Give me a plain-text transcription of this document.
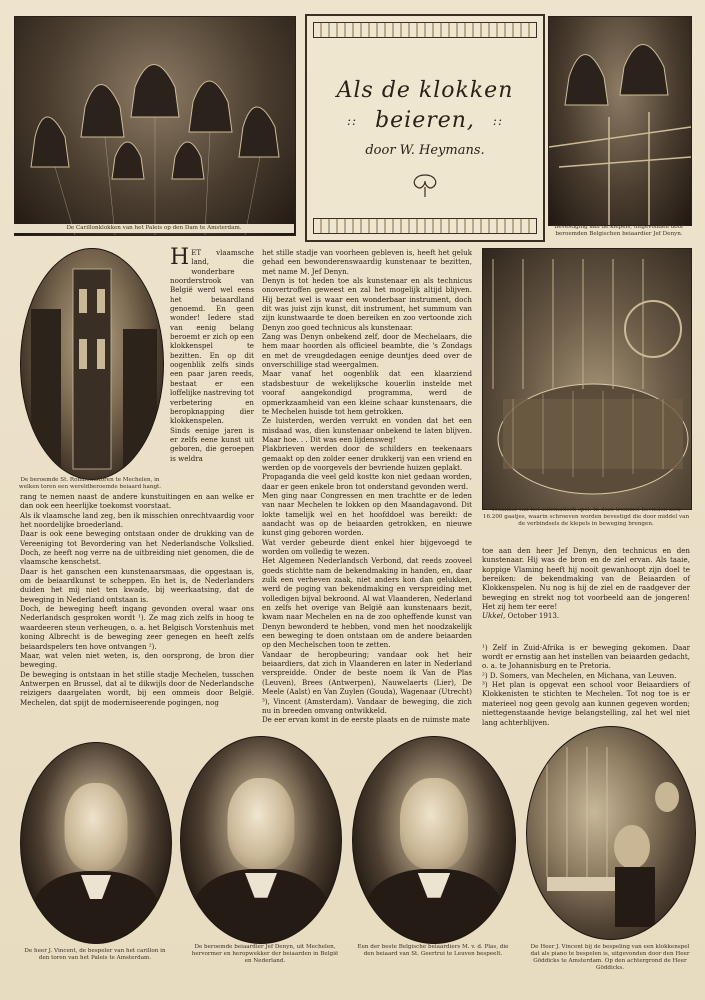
De Carillonklokken van het Paleis op den Dam te Amsterdam.
Als de klokken
:: beieren, ::
door W. Heymans.
Bevestiging aan de klepels, uitgevonden door beroemden Belgischen beiaardier Jef Denyn.
De beroemde St. Romboutstoren te Mechelen, in welken toren een wereldberoemde beiaard hangt.
Trommel van het automatisch spel. In deze trommel bevinden zich 16.200 gaatjes, waarin schroeven worden bevestigd die door middel van de verbindsels de klepels in beweging brengen.

HET vlaamsche land, die wonderbare noorderstrook van België werd wel eens het beiaardland genoemd. En geen wonder! Iedere stad van eenig belang beroemt er zich op een klokkenspel te bezitten. En op dit oogenblik zelfs sinds een paar jaren reeds, bestaat er een loffelijke nastreving tot verbetering en beropknapping dier klokkenspelen.

Sinds eenige jaren is er zelfs eene kunst uit geboren, die geroepen is weldra

rang te nemen naast de andere kunstuitingen en aan welke er dan ook een heerlijke toekomst voorstaat.

Als ik vlaamsche land zeg, ben ik misschien onrechtvaardig voor het noordelijke broederland.

Daar is ook eene beweging ontstaan onder de drukking van de Vereeniging tot Bevordering van het Nederlandsche Volkslied. Doch, ze heeft nog verre na de uitbreiding niet genomen, die de vlaamsche kenschetst.

Daar is het ganschen een kunstenaarsmaas, die opgestaan is, om de beiaardkunst te scheppen. En het is, de Nederlanders duiden het mij niet ten kwade, bij weerkaatsing, dat de beweging in Nederland ontstaan is.

Doch, de beweging heeft ingang gevonden overal waar ons Nederlandsch gesproken wordt ¹). Ze mag zich zelfs in hoog te waardeeren steun verheugen, o. a. het Belgisch Vorstenhuis met koning Albrecht is de beweging zeer genegen en heeft zelfs beiaardspelers ten hove ontvangen ²).

Maar, wat velen niet weten, is, den oorsprong, de bron dier beweging.

De beweging is ontstaan in het stille stadje Mechelen, tusschen Antwerpen en Brussel, dat al te dikwijls door de Nederlandsche reizigers daargelaten wordt, bij een ommeis door België. Mechelen, dat spijt de moderniseerende pogingen, nog

het stille stadje van voorheen gebleven is, heeft het geluk gehad een bewonderenswaardig kunstenaar te bezitten, met name M. Jef Denyn.

Denyn is tot heden toe als kunstenaar en als technicus onovertroffen geweest en zal het mogelijk altijd blijven. Hij bezat wel is waar een wonderbaar instrument, doch dit was juist zijn kunst, dit instrument, het summum van zijn kunstwaarde te doen bereiken en zoo vertoonde zich Denyn zoo goed technicus als kunstenaar.

Zang was Denyn onbekend zelf, door de Mechelaars, die hem maar hoorden als officieel beambte, die 's Zondags en met de vreugdedagen eenige deuntjes deed over de onverschillige stad weergalmen.

Maar vanaf het oogenblik dat een klaarziend stadsbestuur de wekelijksche kouerlin instelde met vooraf aangekondigd programma, werd de opmerkzaamheid van een kleine schaar kunstenaars, die te Mechelen huisde tot hem getrokken.

Ze luisterden, werden verrukt en vonden dat het een misdaad was, dien kunstenaar onbekend te laten blijven. Maar hoe. . . Dit was een lijdensweg!

Plakbrieven werden door de schilders en teekenaars gemaakt op den zolder eener drukkerij van een vriend en werden op de voorgevels der bevriende huizen geplakt.

Propaganda die veel geld kostte kon niet gedaan worden, daar er geen enkele bron tot onderstand gevonden werd.

Men ging naar Congressen en men trachtte er de leden van naar Mechelen te lokken op den Maandagavond. Dit lokte tamelijk wel en het hoofddoel was bereikt: de aandacht was op de beiaarden getrokken, en nieuwe kunst ging geboren worden.

Wat verder gebeurde dient enkel hier bijgevoegd te worden om volledig te wezen.

Het Algemeen Nederlandsch Verbond, dat reeds zooveel goeds stichtte nam de bekendmaking in handen, en, daar zulk een verheven zaak, niet anders kon dan gelukken, werd de poging van bekendmaking en verspreiding met volledigen bijval bekroond. Al wat Vlaanderen, Nederland en zelfs het overige van België aan kunstenaars bezit, kwam naar Mechelen en na de zoo opheffende kunst van Denyn bewonderd te hebben, vond men het noodzakelijk een beweging te doen ontstaan om de andere beiaarden op den Mechelschen toon te zetten.

Vandaar de heropbeuring; vandaar ook het heir beiaardiers, dat zich in Vlaanderen en later in Nederland verspreidde. Onder de beste noem ik Van de Plas (Leuven), Brees (Antwerpen), Nauwelaerts (Lier), De Meele (Aalst) en Van Zuylen (Gouda), Wagenaar (Utrecht) ³), Vincent (Amsterdam). Vandaar de beweging, die zich nu in breeden omvang ontwikkeld.

De eer ervan komt in de eerste plaats en de ruimste mate

toe aan den heer Jef Denyn, den technicus en den kunstenaar. Hij was de bron en de ziel ervan. Als taaie, koppige Vlaming heeft hij nooit gewanhoopt zijn doel te bereiken: de bekendmaking van de Beiaarden of Klokkenspelen. Nu nog is hij de ziel en de raadgever der beweging en strekt nog tot voorbeeld aan de jongeren! Het zij hem ter eere!

Ukkel, October 1913.

¹) Zelf in Zuid-Afrika is er beweging gekomen. Daar wordt er ernstig aan het instellen van beiaarden gedacht, o. a. te Johannisburg en te Pretoria.

²) D. Somers, van Mechelen, en Michana, van Leuven.

³) Het plan is opgevat een school voor Beiaardiers of Klokkenisten te stichten te Mechelen. Tot nog toe is er materieel nog geen gevolg aan kunnen gegeven worden; niettegenstaande hevige belangstelling, zal het wel niet lang achterblijven.

De heer J. Vincent, de bespeler van het carillon in den toren van het Paleis te Amsterdam.
De beroemde beiaardier Jef Denyn, uit Mechelen, hervormer en heropwekker der beiaarden in België en Nederland.
Een der beste Belgische beiaardiers M. v. d. Plas, die den beiaard van St. Geertrui te Leuven bespeelt.
De Heer J. Vincent bij de bespeling van een klokkenspel dat als piano te bespelen is, uitgevonden door den Heer Göddicks te Amsterdam. Op den achtergrond de Heer Göddicks.
